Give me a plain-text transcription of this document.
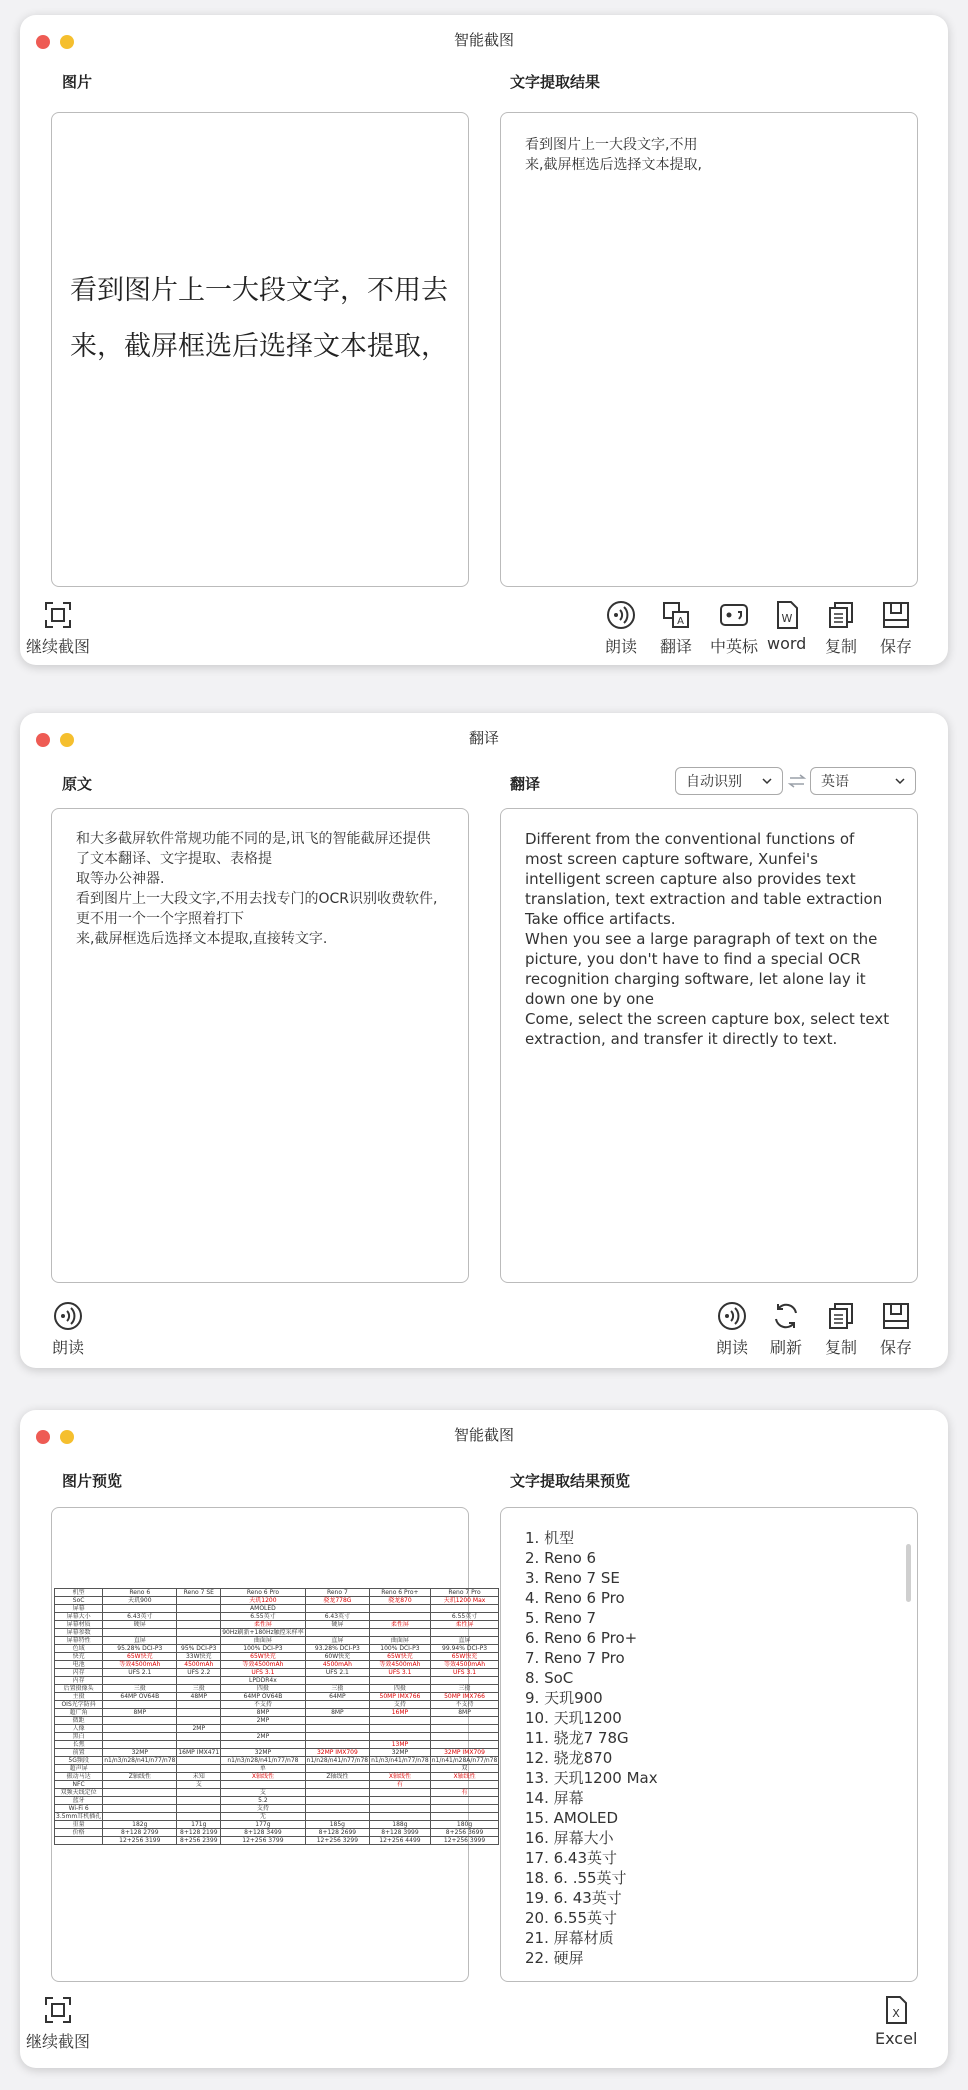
智能截图
图片	文字提取结果
看到图片上一大段文字，不用去
来，截屏框选后选择文本提取，
看到图片上一大段文字,不用
来,截屏框选后选择文本提取,
继续截图	朗读
A
翻译 中英标
W
word 复制 保存
翻译
原文	翻译	自动识别	英语
和大多截屏软件常规功能不同的是,讯飞的智能截屏还提供了文本翻译、文字提取、表格提
取等办公神器.
看到图片上一大段文字,不用去找专门的OCR识别收费软件,更不用一个一个字照着打下
来,截屏框选后选择文本提取,直接转文字.
Different from the conventional functions of most screen capture software, Xunfei's intelligent screen capture also provides text translation, text extraction and table extraction
Take office artifacts.
When you see a large paragraph of text on the picture, you don't have to find a special OCR recognition charging software, let alone lay it down one by one
Come, select the screen capture box, select text extraction, and transfer it directly to text.
朗读	朗读 刷新 复制 保存
智能截图
图片预览	文字提取结果预览
机型	Reno 6	Reno 7 SE	Reno 6 Pro	Reno 7	Reno 6 Pro+	Reno 7 Pro
SoC	天玑900		天玑1200	骁龙778G	骁龙870	天玑1200 Max
屏幕			AMOLED			
屏幕大小	6.43英寸		6.55英寸	6.43英寸		6.55英寸
屏幕材质	硬屏		柔性屏	硬屏	柔性屏	柔性屏
屏幕参数			90Hz刷新+180Hz触控采样率			
屏幕特性	直屏		曲面屏	直屏	曲面屏	直屏
色域	95.28% DCI-P3	95% DCI-P3	100% DCI-P3	93.28% DCI-P3	100% DCI-P3	99.94% DCI-P3
快充	65W快充	33W快充	65W快充	60W快充	65W快充	65W快充
电池	等效4500mAh	4500mAh	等效4500mAh	4500mAh	等效4500mAh	等效4500mAh
闪存	UFS 2.1	UFS 2.2	UFS 3.1	UFS 2.1	UFS 3.1	UFS 3.1
内存			LPDDR4x			
后置摄像头	三摄	三摄	四摄	三摄	四摄	三摄
主摄	64MP OV64B	48MP	64MP OV64B	64MP	50MP IMX766	50MP IMX766
OIS光学防抖			不支持		支持	不支持
超广角	8MP		8MP	8MP	16MP	8MP
微距			2MP			
人像		2MP				
黑白			2MP			
长焦					13MP	
前置	32MP	16MP IMX471	32MP	32MP IMX709	32MP	32MP IMX709
5G频段	n1/n3/n28/n41/n77/n78		n1/n3/n28/n41/n77/n78	n1/n28/n41/n77/n78	n1/n3/n41/n77/n78	n1/n41/n28A/n77/n78
超声屏			单			双
振动马达	Z轴线性	未知	X轴线性	Z轴线性	X轴线性	X轴线性
NFC		支			有	
双频天线定位			支			有
蓝牙			5.2			
Wi-Fi 6			支持			
3.5mm耳机插孔			无			
重量	182g	171g	177g	185g	188g	180g
价格	8+128 2799	8+128 2199	8+128 3499	8+128 2699	8+128 3999	8+256 3699
	12+256 3199	8+256 2399	12+256 3799	12+256 3299	12+256 4499	12+256 3999
1. 机型
2. Reno 6
3. Reno 7 SE
4. Reno 6 Pro
5. Reno 7
6. Reno 6 Pro+
7. Reno 7 Pro
8. SoC
9. 天玑900
10. 天玑1200
11. 骁龙7 78G
12. 骁龙870
13. 天玑1200 Max
14. 屏幕
15. AMOLED
16. 屏幕大小
17. 6.43英寸
18. 6. .55英寸
19. 6. 43英寸
20. 6.55英寸
21. 屏幕材质
22. 硬屏
继续截图
X
Excel
